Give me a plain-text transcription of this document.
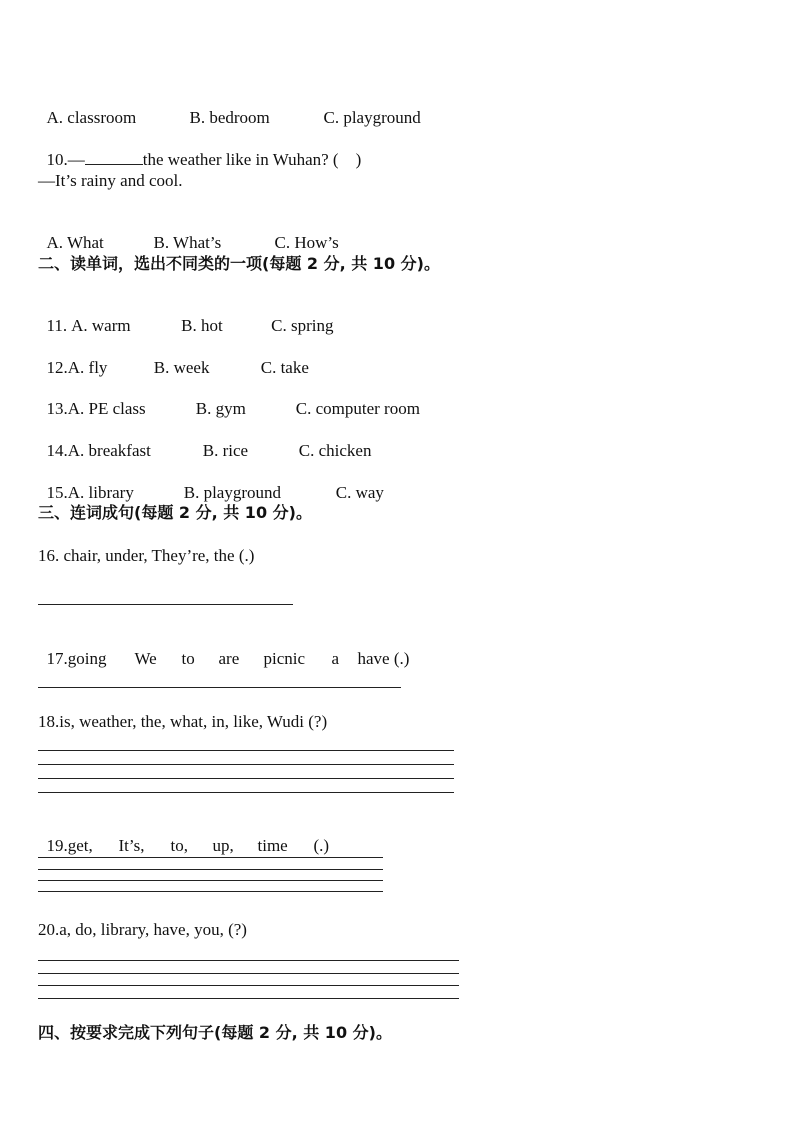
A. classroom	B. bedroom	C. playground

10.—	the weather like in Wuhan? (    )

—It’s rainy and cool.

A. What	B. What’s	C. How’s

二、读单词，选出不同类的一项(每题 2 分, 共 10 分)。

11. A. warm	B. hot	C. spring

12.A. fly	B. week	C. take

13.A. PE class	B. gym	C. computer room

14.A. breakfast	B. rice	C. chicken

15.A. library	B. playground	C. way

三、连词成句(每题 2 分, 共 10 分)。
16. chair, under, They’re, the (.)

17.going We to are picnic a have (.)

18.is, weather, the, what, in, like, Wudi (?)

19.get, It’s, to, up, time (.)

20.a, do, library, have, you, (?)
四、按要求完成下列句子(每题 2 分, 共 10 分)。
